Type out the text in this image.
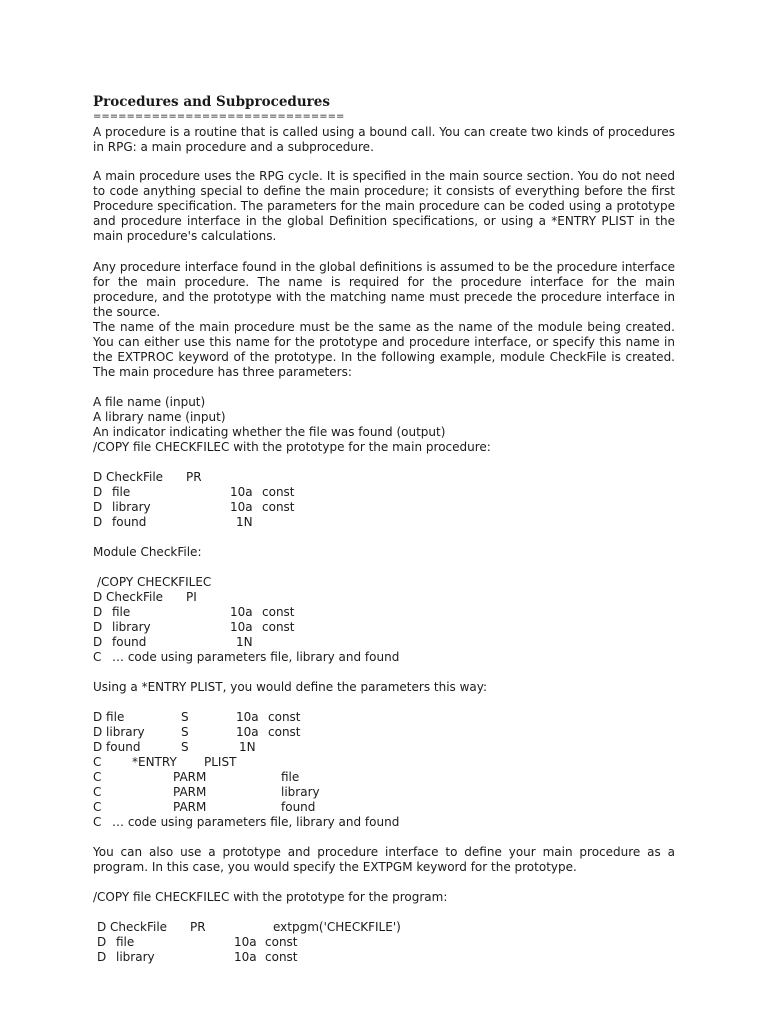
Procedures and Subprocedures
==============================

A procedure is a routine that is called using a bound call. You can create two kinds of procedures in RPG: a main procedure and a subprocedure.

A main procedure uses the RPG cycle. It is specified in the main source section. You do not need to code anything special to define the main procedure; it consists of everything before the first Procedure specification. The parameters for the main procedure can be coded using a prototype and procedure interface in the global Definition specifications, or using a *ENTRY PLIST in the main procedure's calculations.

Any procedure interface found in the global definitions is assumed to be the procedure interface for the main procedure. The name is required for the procedure interface for the main procedure, and the prototype with the matching name must precede the procedure interface in the source.

The name of the main procedure must be the same as the name of the module being created. You can either use this name for the prototype and procedure interface, or specify this name in the EXTPROC keyword of the prototype. In the following example, module CheckFile is created. The main procedure has three parameters:

A file name (input)
A library name (input)
An indicator indicating whether the file was found (output)
/COPY file CHECKFILEC with the prototype for the main procedure:
D CheckFile PR
D file	10a const
D library	10a const
D found	1N
Module CheckFile:
/COPY CHECKFILEC
D CheckFile PI
D file	10a const
D library	10a const
D found	1N
C … code using parameters file, library and found
Using a *ENTRY PLIST, you would define the parameters this way:
D file	S	10a const
D library	S	10a const
D found	S	1N
C	*ENTRY PLIST
C	PARM	file
C	PARM	library
C	PARM	found
C … code using parameters file, library and found

You can also use a prototype and procedure interface to define your main procedure as a program. In this case, you would specify the EXTPGM keyword for the prototype.

/COPY file CHECKFILEC with the prototype for the program:
D CheckFile PR	extpgm('CHECKFILE')
D file	10a const
D library	10a const
